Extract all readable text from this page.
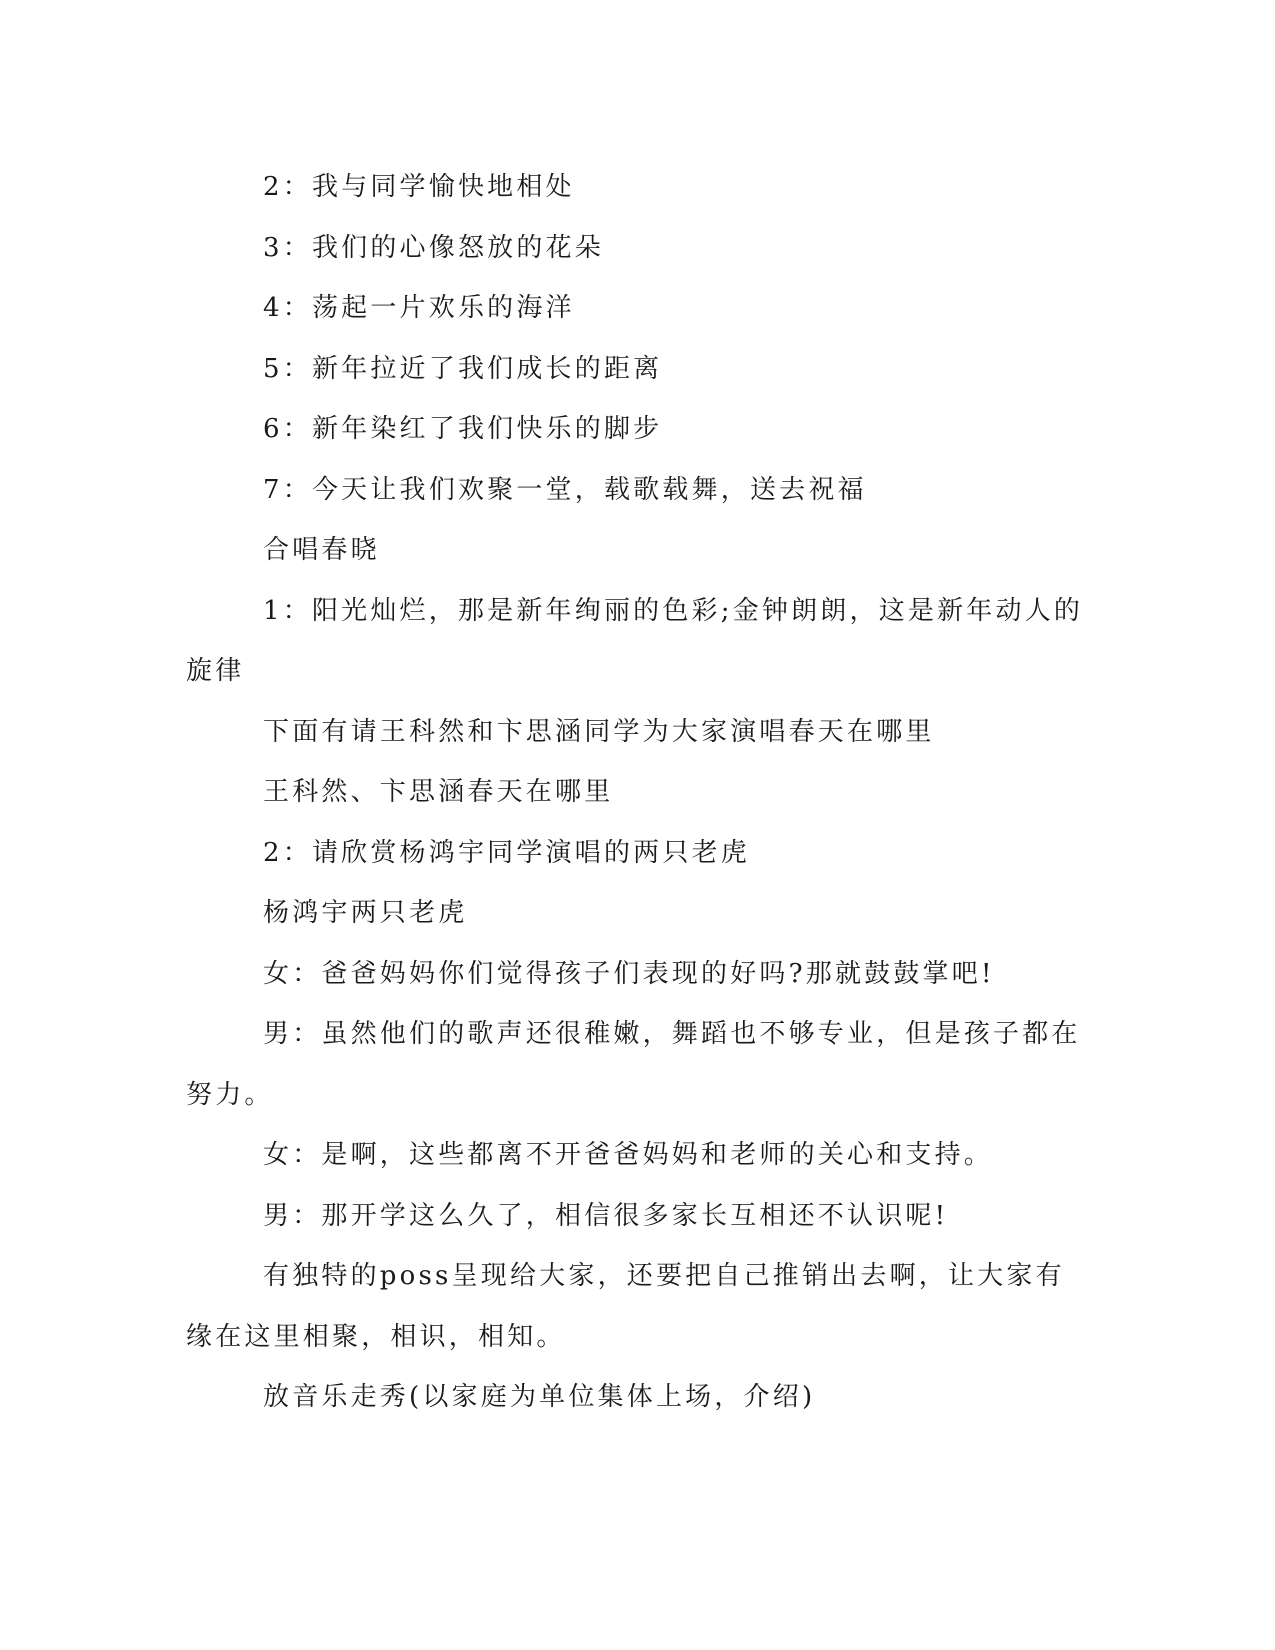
2：我与同学愉快地相处

3：我们的心像怒放的花朵

4：荡起一片欢乐的海洋

5：新年拉近了我们成长的距离

6：新年染红了我们快乐的脚步

7：今天让我们欢聚一堂，载歌载舞，送去祝福

合唱春晓

1：阳光灿烂，那是新年绚丽的色彩;金钟朗朗，这是新年动人的旋律

下面有请王科然和卞思涵同学为大家演唱春天在哪里

王科然、卞思涵春天在哪里

2：请欣赏杨鸿宇同学演唱的两只老虎

杨鸿宇两只老虎

女：爸爸妈妈你们觉得孩子们表现的好吗?那就鼓鼓掌吧!

男：虽然他们的歌声还很稚嫩，舞蹈也不够专业，但是孩子都在努力。

女：是啊，这些都离不开爸爸妈妈和老师的关心和支持。

男：那开学这么久了，相信很多家长互相还不认识呢!

有独特的poss呈现给大家，还要把自己推销出去啊，让大家有缘在这里相聚，相识，相知。

放音乐走秀(以家庭为单位集体上场，介绍)
